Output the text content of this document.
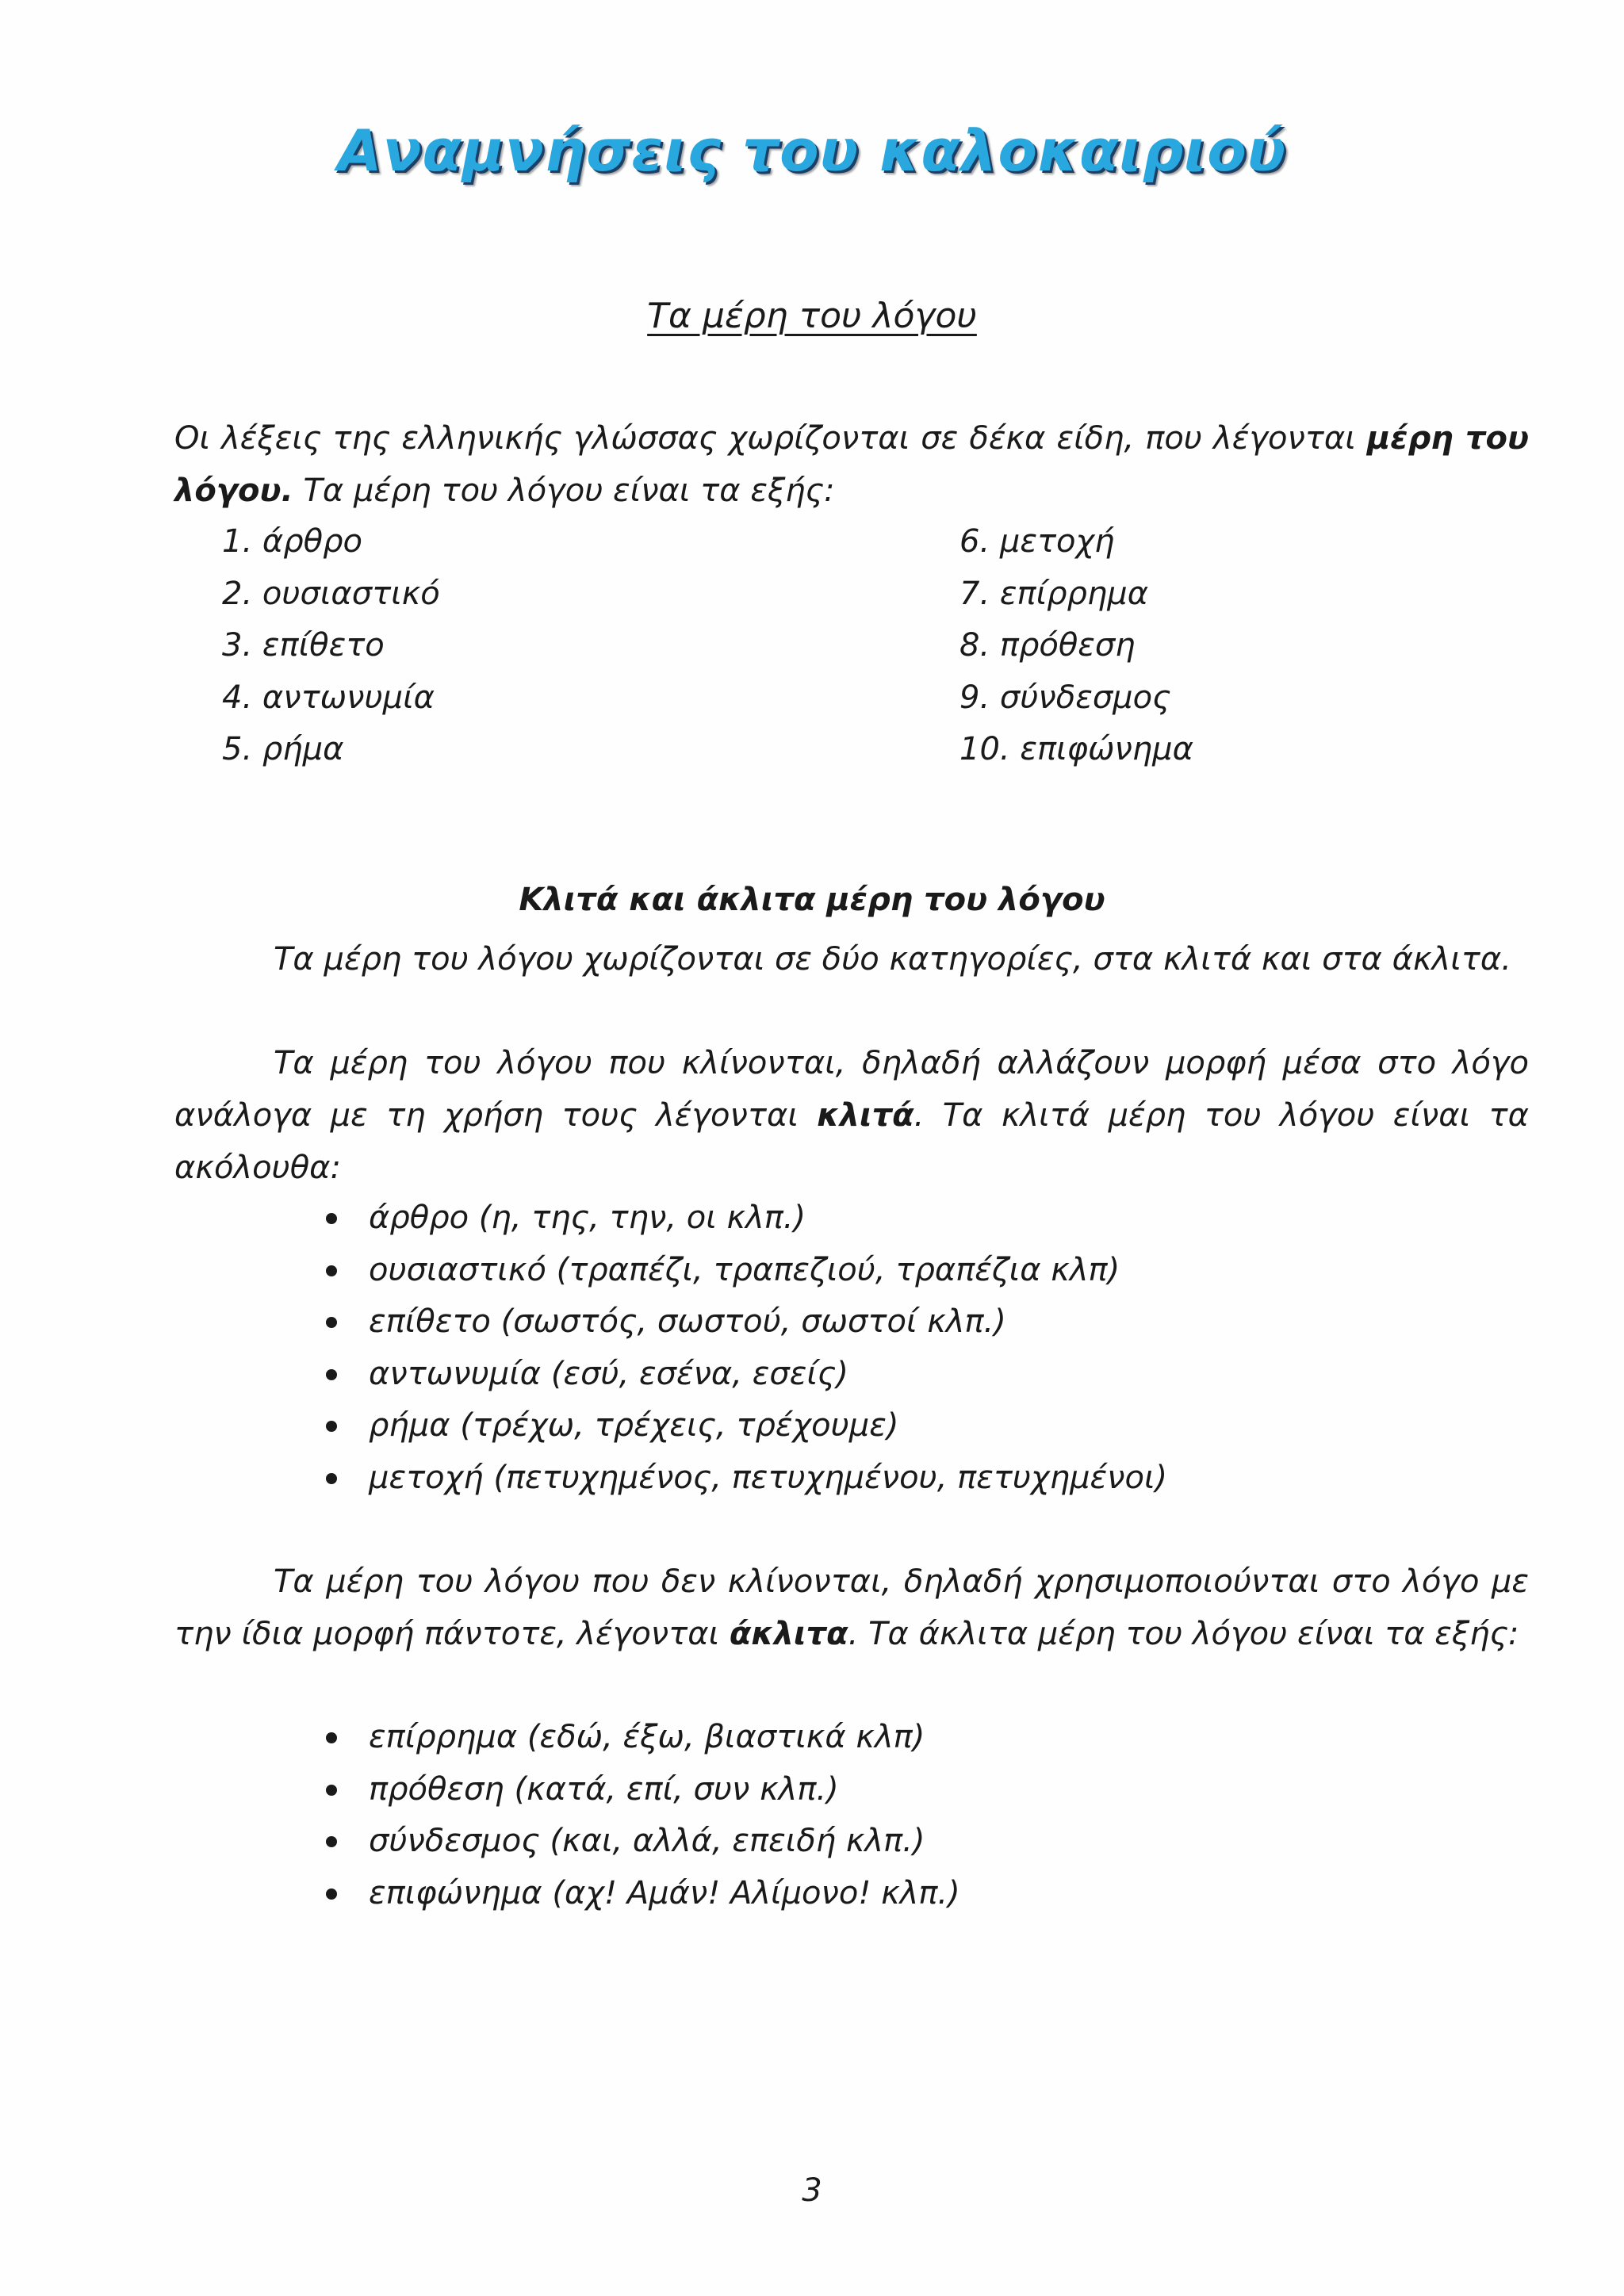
Αναμνήσεις του καλοκαιριού
Τα μέρη του λόγου

Οι λέξεις της ελληνικής γλώσσας χωρίζονται σε δέκα είδη, που λέγονται μέρη του λόγου. Τα μέρη του λόγου είναι τα εξής:

1. άρθρο
2. ουσιαστικό
3. επίθετο
4. αντωνυμία
5. ρήμα
6. μετοχή
7. επίρρημα
8. πρόθεση
9. σύνδεσμος
10. επιφώνημα
Κλιτά και άκλιτα μέρη του λόγου

Τα μέρη του λόγου χωρίζονται σε δύο κατηγορίες, στα κλιτά και στα άκλιτα.

Τα μέρη του λόγου που κλίνονται, δηλαδή αλλάζουν μορφή μέσα στο λόγο ανάλογα με τη χρήση τους λέγονται κλιτά. Τα κλιτά μέρη του λόγου είναι τα ακόλουθα:

άρθρο (η, της, την, οι κλπ.)
ουσιαστικό (τραπέζι, τραπεζιού, τραπέζια κλπ)
επίθετο (σωστός, σωστού, σωστοί κλπ.)
αντωνυμία (εσύ, εσένα, εσείς)
ρήμα (τρέχω, τρέχεις, τρέχουμε)
μετοχή (πετυχημένος, πετυχημένου, πετυχημένοι)

Τα μέρη του λόγου που δεν κλίνονται, δηλαδή χρησιμοποιούνται στο λόγο με την ίδια μορφή πάντοτε, λέγονται άκλιτα. Τα άκλιτα μέρη του λόγου είναι τα εξής:

επίρρημα (εδώ, έξω, βιαστικά κλπ)
πρόθεση (κατά, επί, συν κλπ.)
σύνδεσμος (και, αλλά, επειδή κλπ.)
επιφώνημα (αχ! Αμάν! Αλίμονο! κλπ.)
3
